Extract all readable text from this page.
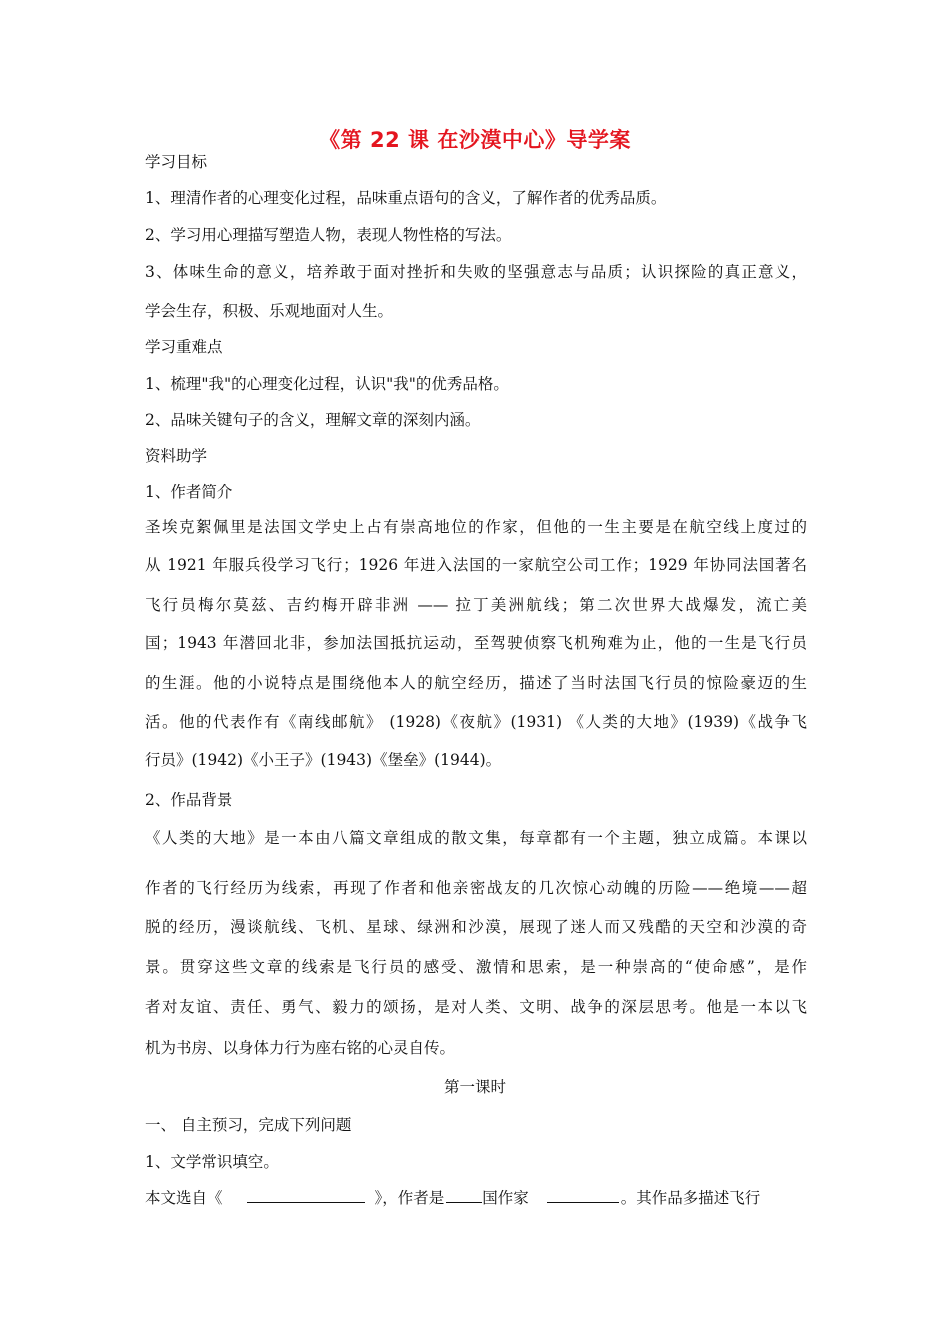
《第 22 课 在沙漠中心》导学案
学习目标
1、理清作者的心理变化过程，品味重点语句的含义，了解作者的优秀品质。
2、学习用心理描写塑造人物，表现人物性格的写法。
3、体味生命的意义，培养敢于面对挫折和失败的坚强意志与品质；认识探险的真正意义，
学会生存，积极、乐观地面对人生。
学习重难点
1、梳理"我"的心理变化过程，认识"我"的优秀品格。
2、品味关键句子的含义，理解文章的深刻内涵。
资料助学
1、作者简介
圣埃克絮佩里是法国文学史上占有崇高地位的作家，但他的一生主要是在航空线上度过的
从 1921 年服兵役学习飞行；1926 年进入法国的一家航空公司工作；1929 年协同法国著名
飞行员梅尔莫兹、吉约梅开辟非洲 —— 拉丁美洲航线；第二次世界大战爆发，流亡美
国；1943 年潜回北非，参加法国抵抗运动，至驾驶侦察飞机殉难为止，他的一生是飞行员
的生涯。他的小说特点是围绕他本人的航空经历，描述了当时法国飞行员的惊险豪迈的生
活。他的代表作有《南线邮航》 (1928)《夜航》(1931) 《人类的大地》(1939)《战争飞
行员》(1942)《小王子》(1943)《堡垒》(1944)。
2、作品背景
《人类的大地》是一本由八篇文章组成的散文集，每章都有一个主题，独立成篇。本课以
作者的飞行经历为线索，再现了作者和他亲密战友的几次惊心动魄的历险——绝境——超
脱的经历，漫谈航线、飞机、星球、绿洲和沙漠，展现了迷人而又残酷的天空和沙漠的奇
景。贯穿这些文章的线索是飞行员的感受、激情和思索，是一种崇高的“使命感”，是作
者对友谊、责任、勇气、毅力的颂扬，是对人类、文明、战争的深层思考。他是一本以飞
机为书房、以身体力行为座右铭的心灵自传。
第一课时
一、 自主预习，完成下列问题
1、文学常识填空。
本文选自《	》，作者是 国作家	。其作品多描述飞行
